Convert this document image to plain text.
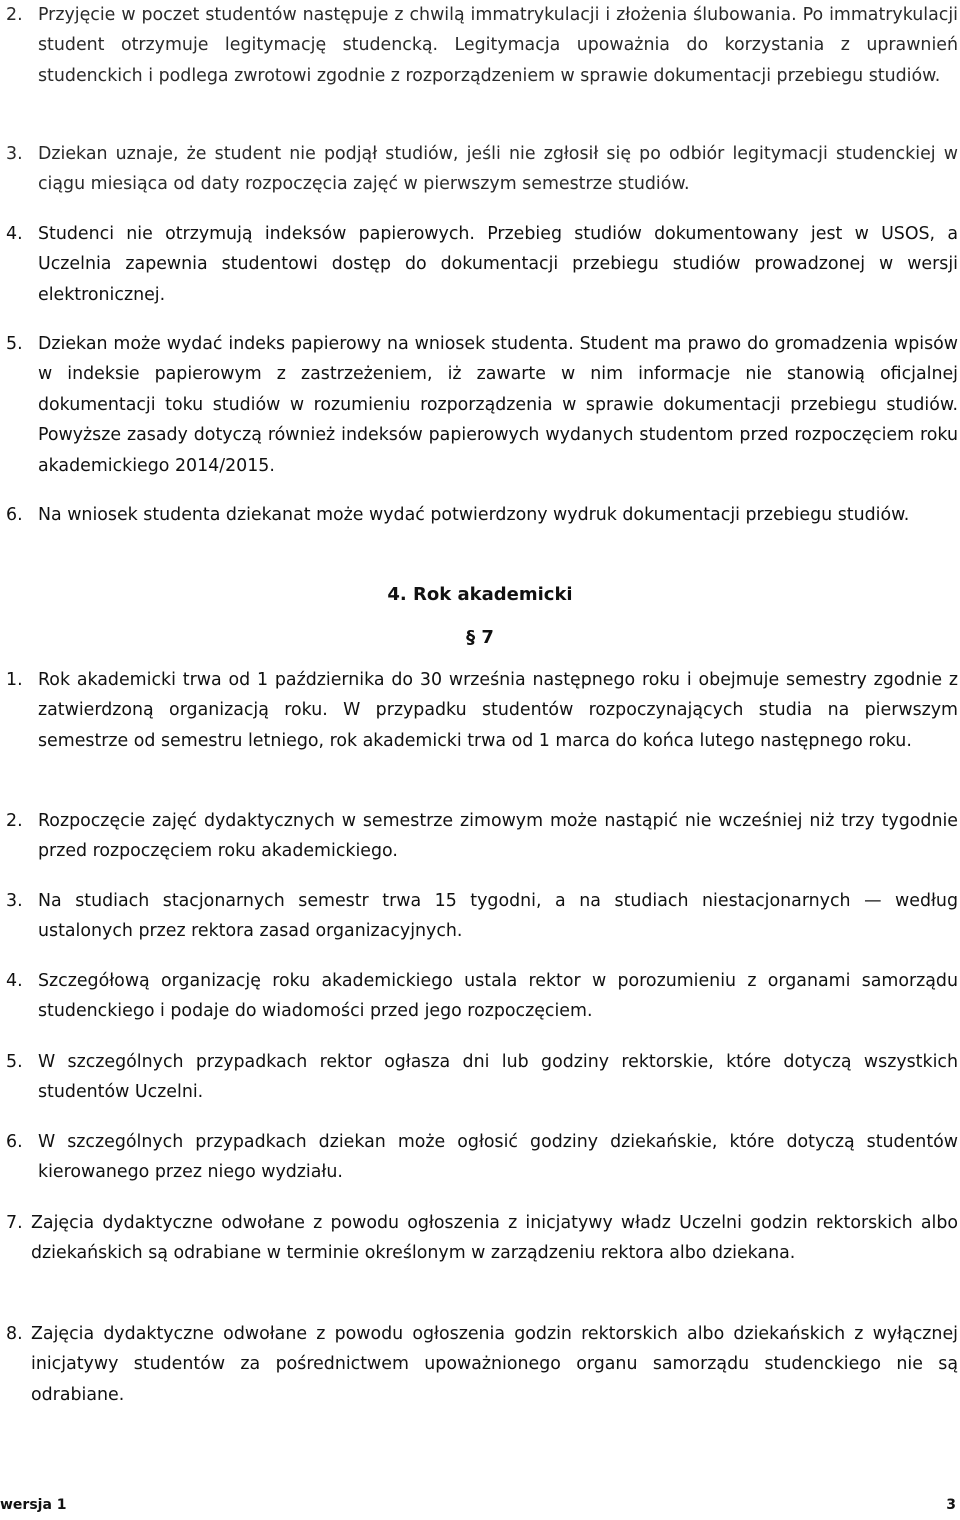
2. Przyjęcie w poczet studentów następuje z chwilą immatrykulacji i złożenia ślubowania. Po immatrykulacji student otrzymuje legitymację studencką. Legitymacja upoważnia do korzystania z uprawnień studenckich i podlega zwrotowi zgodnie z rozporządzeniem w sprawie dokumentacji przebiegu studiów.
3. Dziekan uznaje, że student nie podjął studiów, jeśli nie zgłosił się po odbiór legitymacji studenckiej w ciągu miesiąca od daty rozpoczęcia zajęć w pierwszym semestrze studiów.
4. Studenci nie otrzymują indeksów papierowych. Przebieg studiów dokumentowany jest w USOS, a Uczelnia zapewnia studentowi dostęp do dokumentacji przebiegu studiów prowadzonej w wersji elektronicznej.
5. Dziekan może wydać indeks papierowy na wniosek studenta. Student ma prawo do gromadzenia wpisów w indeksie papierowym z zastrzeżeniem, iż zawarte w nim informacje nie stanowią oficjalnej dokumentacji toku studiów w rozumieniu rozporządzenia w sprawie dokumentacji przebiegu studiów. Powyższe zasady dotyczą również indeksów papierowych wydanych studentom przed rozpoczęciem roku akademickiego 2014/2015.
6. Na wniosek studenta dziekanat może wydać potwierdzony wydruk dokumentacji przebiegu studiów.
4. Rok akademicki
§ 7
1. Rok akademicki trwa od 1 października do 30 września następnego roku i obejmuje semestry zgodnie z zatwierdzoną organizacją roku. W przypadku studentów rozpoczynających studia na pierwszym semestrze od semestru letniego, rok akademicki trwa od 1 marca do końca lutego następnego roku.
2. Rozpoczęcie zajęć dydaktycznych w semestrze zimowym może nastąpić nie wcześniej niż trzy tygodnie przed rozpoczęciem roku akademickiego.
3. Na studiach stacjonarnych semestr trwa 15 tygodni, a na studiach niestacjonarnych — według ustalonych przez rektora zasad organizacyjnych.
4. Szczegółową organizację roku akademickiego ustala rektor w porozumieniu z organami samorządu studenckiego i podaje do wiadomości przed jego rozpoczęciem.
5. W szczególnych przypadkach rektor ogłasza dni lub godziny rektorskie, które dotyczą wszystkich studentów Uczelni.
6. W szczególnych przypadkach dziekan może ogłosić godziny dziekańskie, które dotyczą studentów kierowanego przez niego wydziału.
7. Zajęcia dydaktyczne odwołane z powodu ogłoszenia z inicjatywy władz Uczelni godzin rektorskich albo dziekańskich są odrabiane w terminie określonym w zarządzeniu rektora albo dziekana.
8. Zajęcia dydaktyczne odwołane z powodu ogłoszenia godzin rektorskich albo dziekańskich z wyłącznej inicjatywy studentów za pośrednictwem upoważnionego organu samorządu studenckiego nie są odrabiane.
wersja 1	3
